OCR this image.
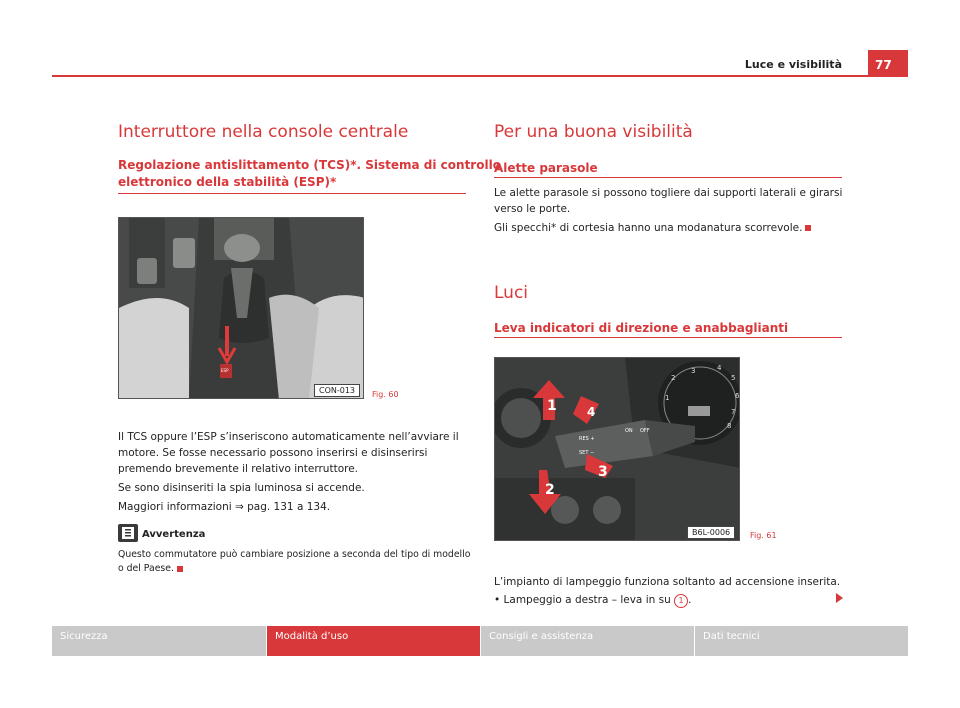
Luce e visibilità	77
Interruttore nella console centrale
Regolazione antislittamento (TCS)*. Sistema di controllo
elettronico della stabilità (ESP)*
ESP
CON-013	Fig. 60
Il TCS oppure l’ESP s’inseriscono automaticamente nell’avviare il
motore. Se fosse necessario possono inserirsi e disinserirsi
premendo brevemente il relativo interruttore.
Se sono disinseriti la spia luminosa si accende.
Maggiori informazioni ⇒ pag. 131 a 134.
Avvertenza
Questo commutatore può cambiare posizione a seconda del tipo di modello
o del Paese.
Per una buona visibilità
Alette parasole
Le alette parasole si possono togliere dai supporti laterali e girarsi
verso le porte.
Gli specchi* di cortesia hanno una modanatura scorrevole.
Luci
Leva indicatori di direzione e anabbaglianti
3	4
5
6
7
8
2
1
ON OFF
RES +
SET −
1
2
3
4
B6L-0006	Fig. 61
L’impianto di lampeggio funziona soltanto ad accensione inserita.
• Lampeggio a destra – leva in su 1 .
Sicurezza	Modalità d’uso	Consigli e assistenza	Dati tecnici
